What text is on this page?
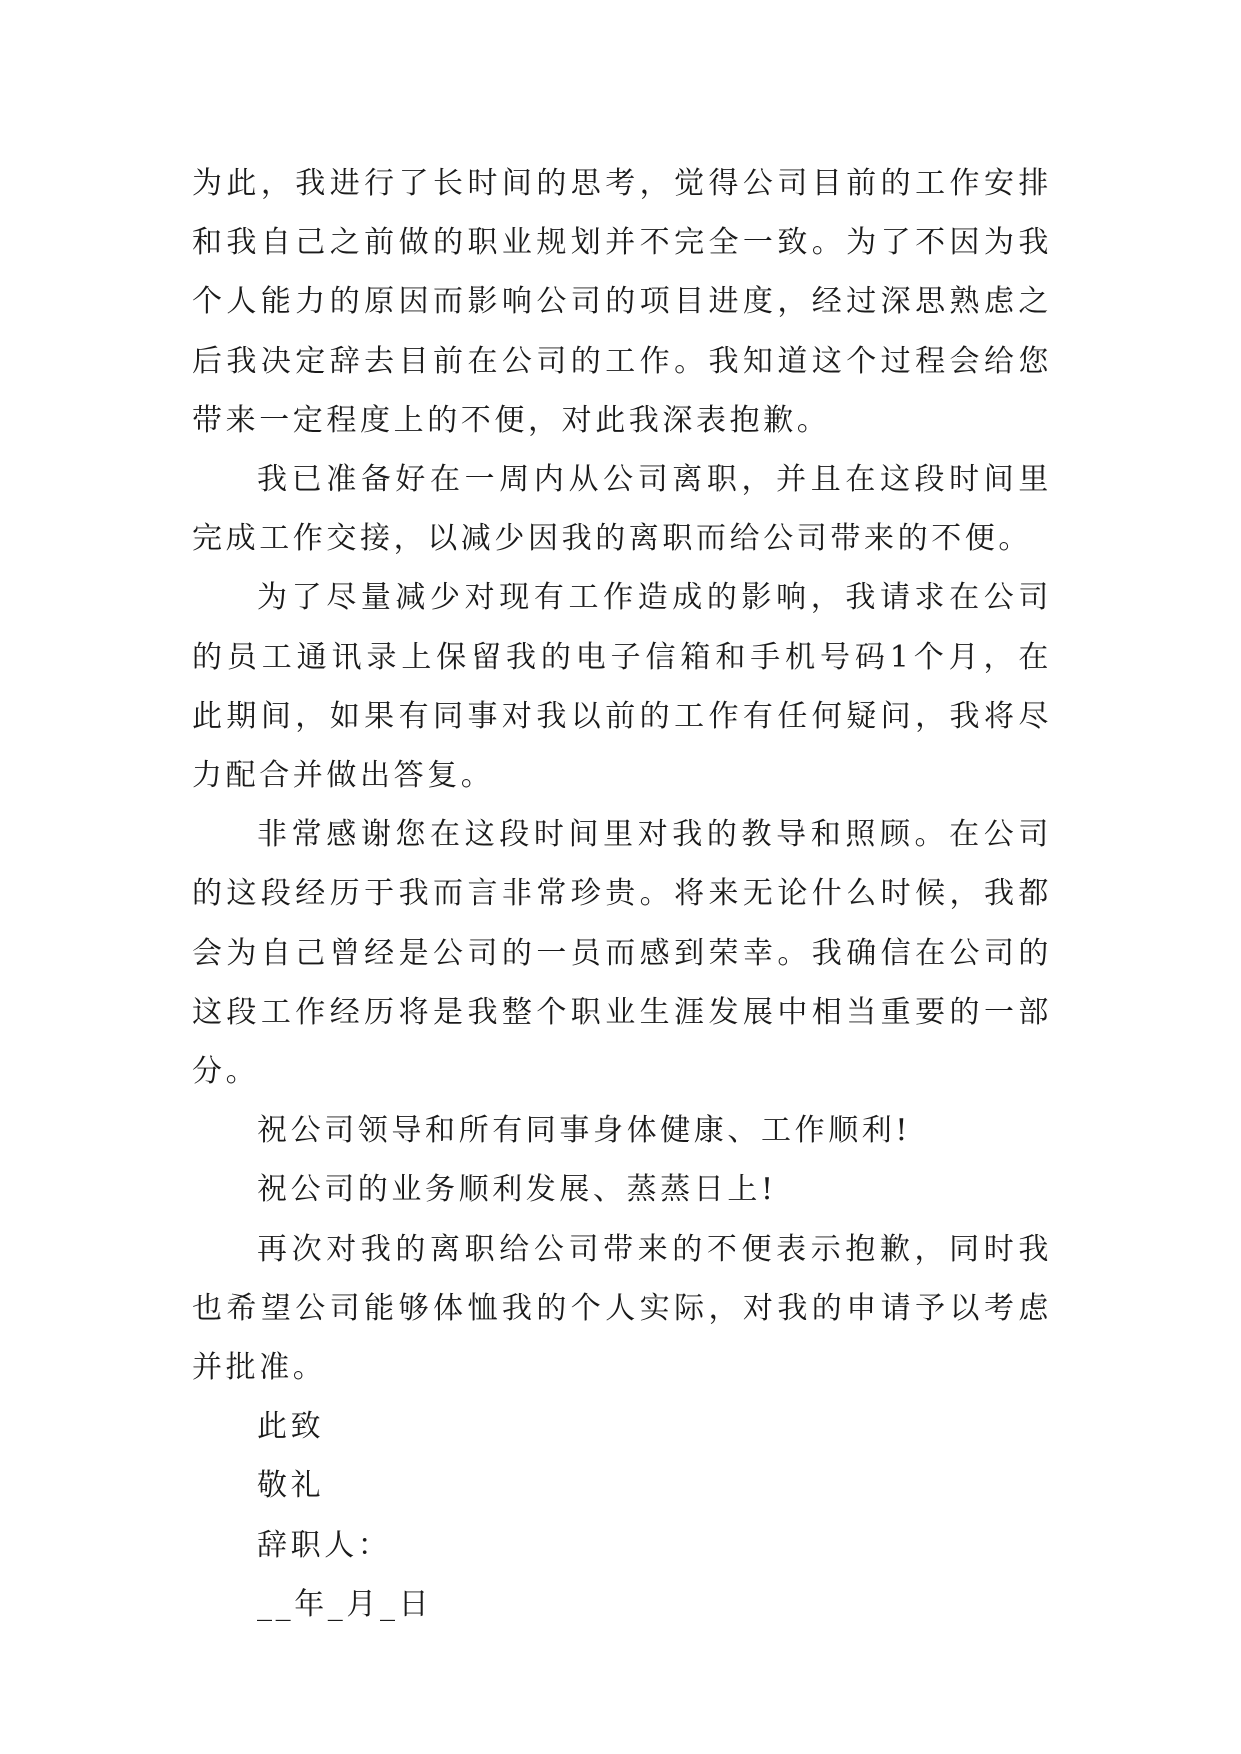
为此，我进行了长时间的思考，觉得公司目前的工作安排和我自己之前做的职业规划并不完全一致。为了不因为我个人能力的原因而影响公司的项目进度，经过深思熟虑之后我决定辞去目前在公司的工作。我知道这个过程会给您带来一定程度上的不便，对此我深表抱歉。

我已准备好在一周内从公司离职，并且在这段时间里完成工作交接，以减少因我的离职而给公司带来的不便。

为了尽量减少对现有工作造成的影响，我请求在公司的员工通讯录上保留我的电子信箱和手机号码1个月，在此期间，如果有同事对我以前的工作有任何疑问，我将尽力配合并做出答复。

非常感谢您在这段时间里对我的教导和照顾。在公司的这段经历于我而言非常珍贵。将来无论什么时候，我都会为自己曾经是公司的一员而感到荣幸。我确信在公司的这段工作经历将是我整个职业生涯发展中相当重要的一部分。

祝公司领导和所有同事身体健康、工作顺利!

祝公司的业务顺利发展、蒸蒸日上!

再次对我的离职给公司带来的不便表示抱歉，同时我也希望公司能够体恤我的个人实际，对我的申请予以考虑并批准。

此致

敬礼

辞职人：

__年_月_日
